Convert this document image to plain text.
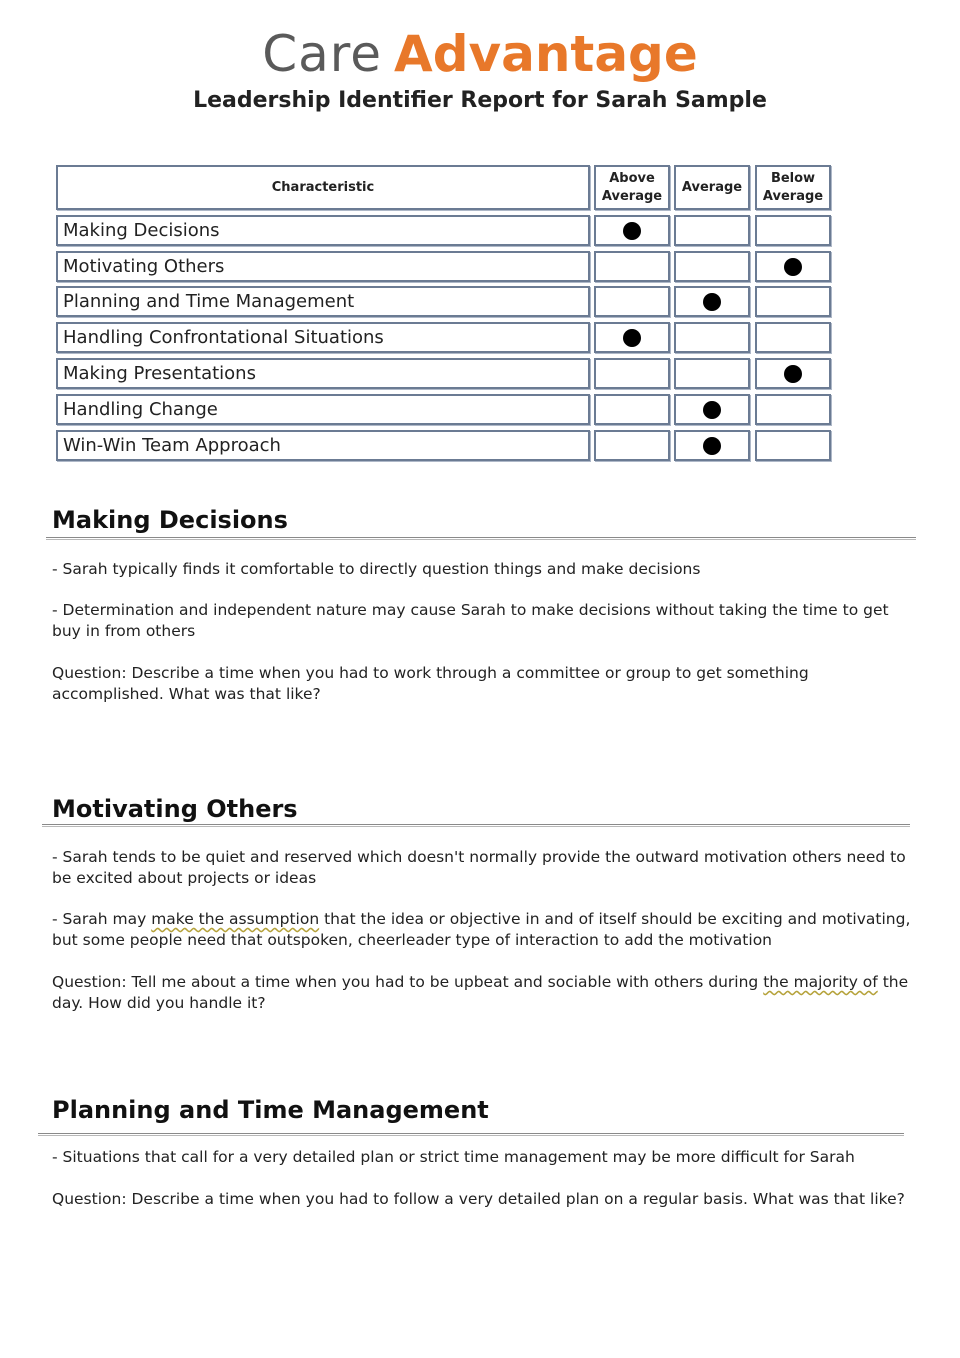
Care Advantage
Leadership Identifier Report for Sarah Sample
Characteristic
Above
Average
Average
Below
Average
Making Decisions
Motivating Others
Planning and Time Management
Handling Confrontational Situations
Making Presentations
Handling Change
Win-Win Team Approach
Making Decisions
- Sarah typically finds it comfortable to directly question things and make decisions
- Determination and independent nature may cause Sarah to make decisions without taking the time to get buy in from others
Question: Describe a time when you had to work through a committee or group to get something accomplished. What was that like?
Motivating Others
- Sarah tends to be quiet and reserved which doesn't normally provide the outward motivation others need to be excited about projects or ideas
- Sarah may make the assumption that the idea or objective in and of itself should be exciting and motivating, but some people need that outspoken, cheerleader type of interaction to add the motivation
Question: Tell me about a time when you had to be upbeat and sociable with others during the majority of the day. How did you handle it?
Planning and Time Management
- Situations that call for a very detailed plan or strict time management may be more difficult for Sarah
Question: Describe a time when you had to follow a very detailed plan on a regular basis. What was that like?
